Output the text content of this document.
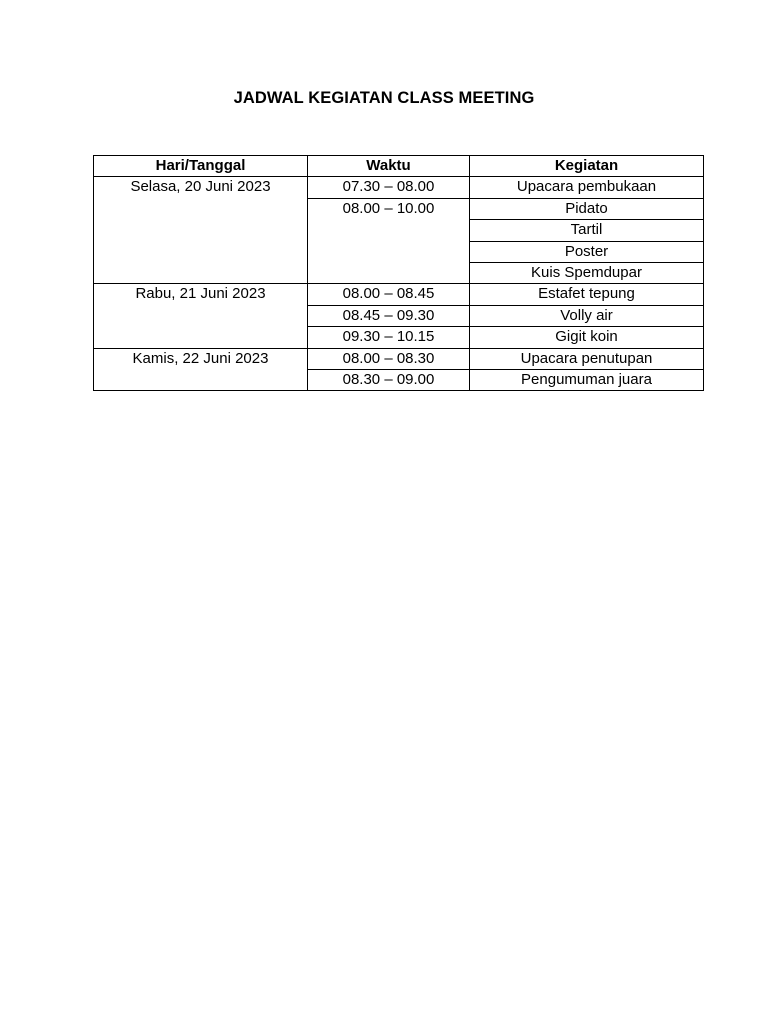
JADWAL KEGIATAN CLASS MEETING
Hari/Tanggal	Waktu	Kegiatan
Selasa, 20 Juni 2023	07.30 – 08.00	Upacara pembukaan
	08.00 – 10.00	Pidato
		Tartil
		Poster
		Kuis Spemdupar
Rabu, 21 Juni 2023	08.00 – 08.45	Estafet tepung
	08.45 – 09.30	Volly air
	09.30 – 10.15	Gigit koin
Kamis, 22 Juni 2023	08.00 – 08.30	Upacara penutupan
	08.30 – 09.00	Pengumuman juara
